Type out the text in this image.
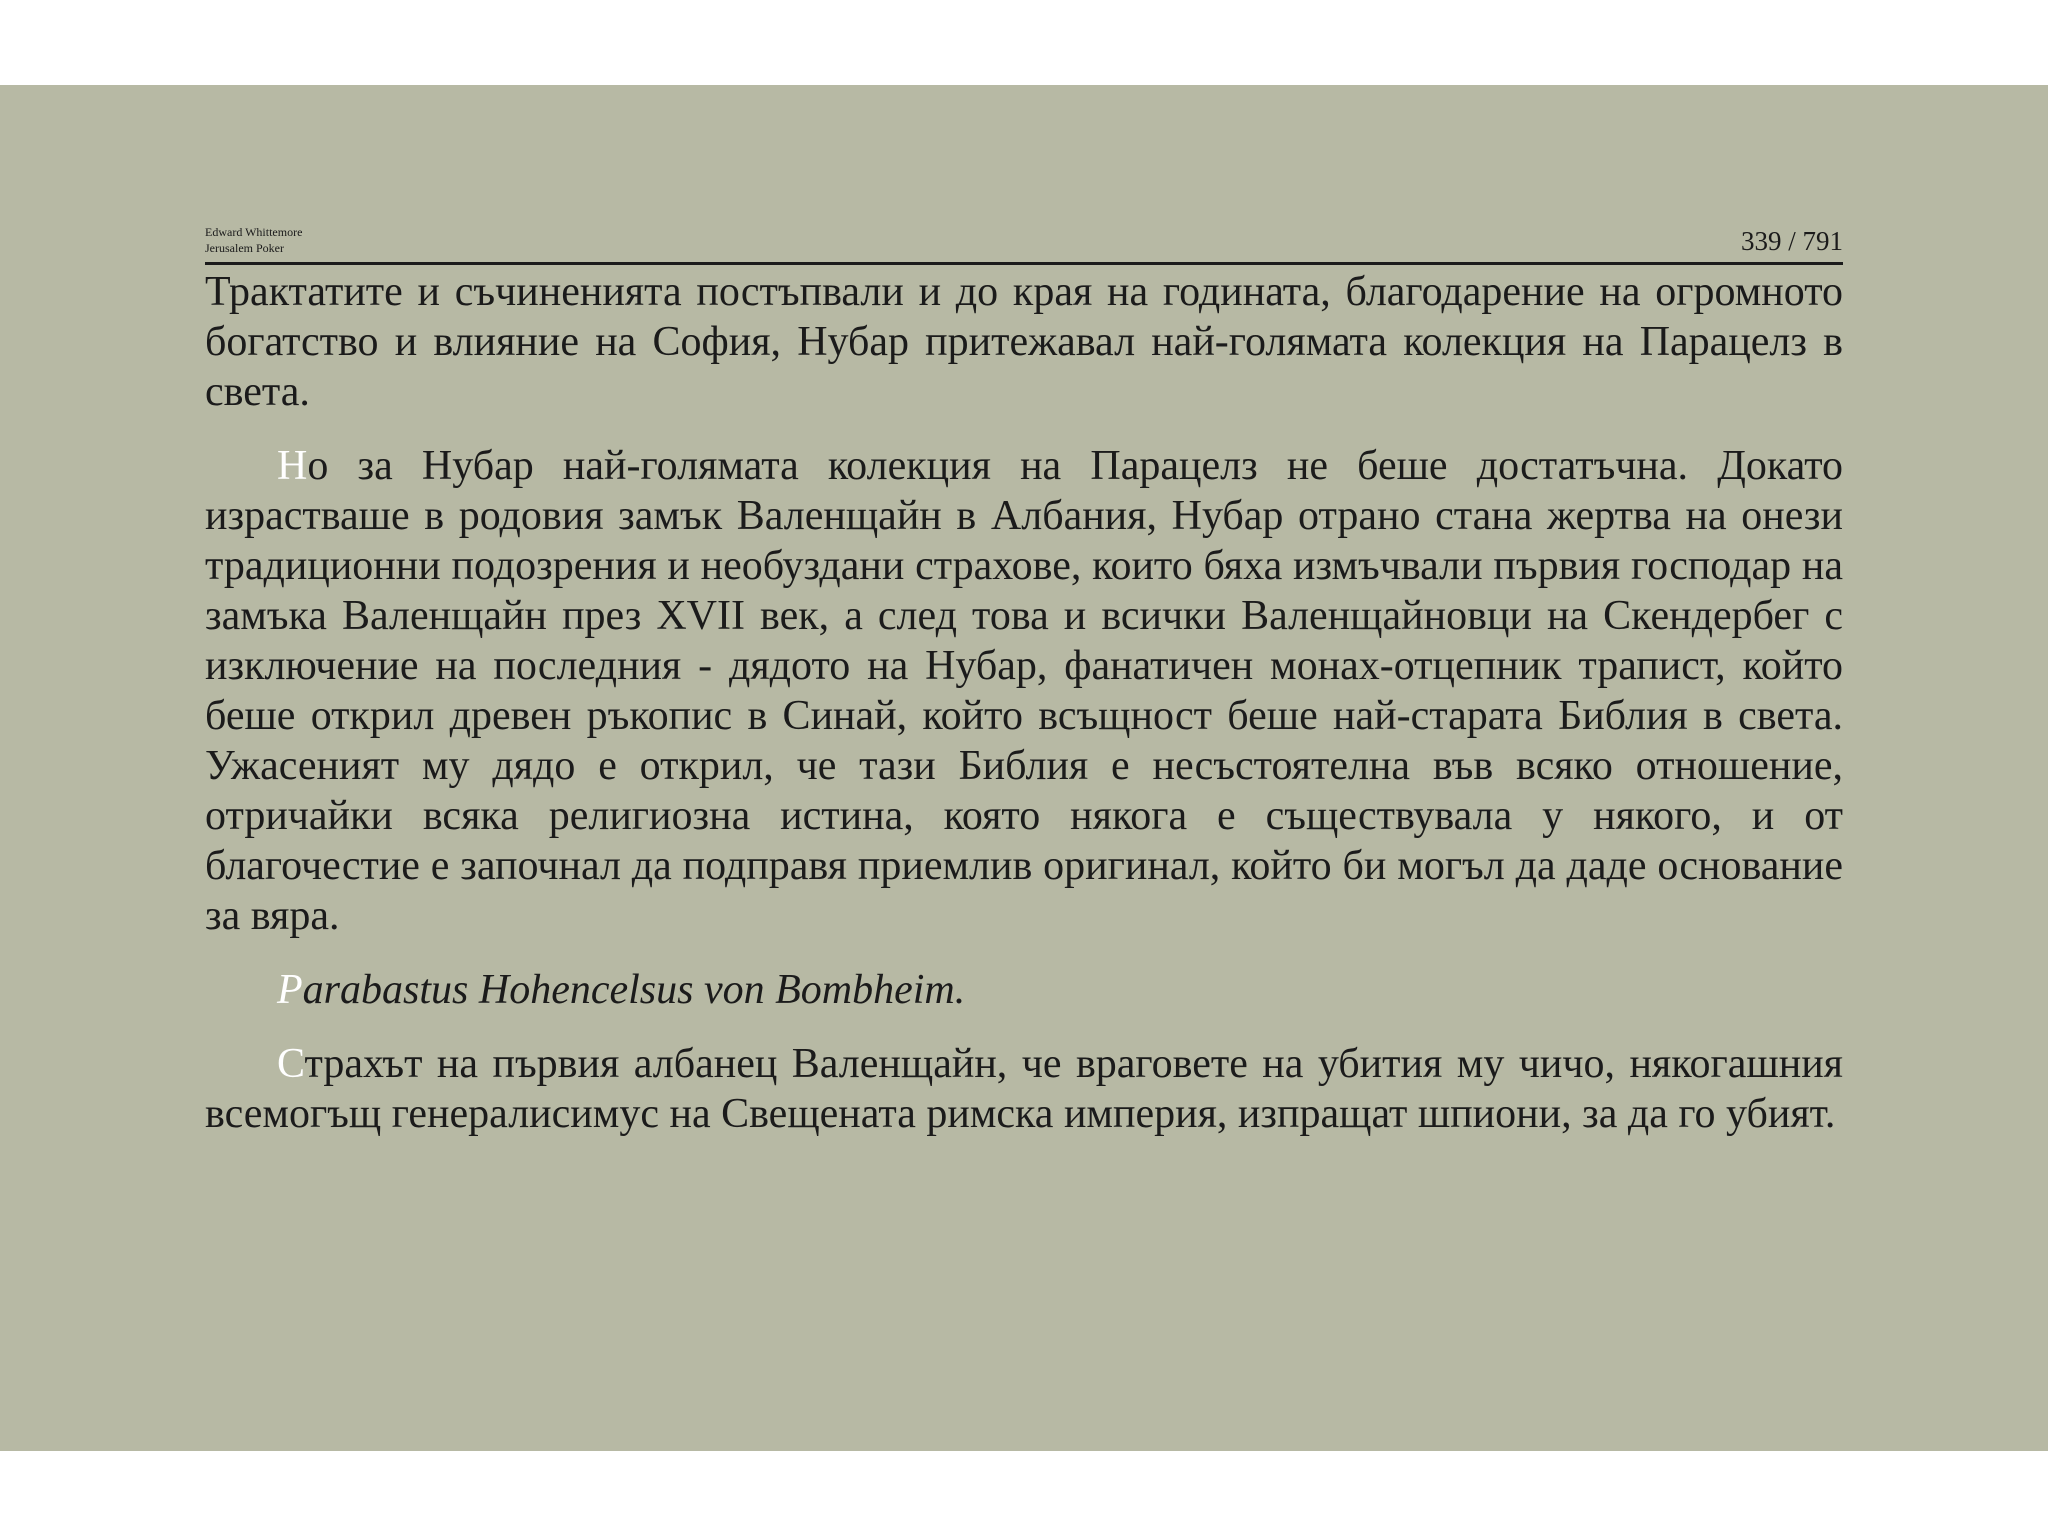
Edward Whittemore
Jerusalem Poker	339 / 791

Трактатите и съчиненията постъпвали и до края на годината, благодарение на огромното богатство и влияние на София, Нубар притежавал най-голямата колекция на Парацелз в света.

Но за Нубар най-голямата колекция на Парацелз не беше достатъчна. Докато израстваше в родовия замък Валенщайн в Албания, Нубар отрано стана жертва на онези традиционни подозрения и необуздани страхове, които бяха измъчвали първия господар на замъка Валенщайн през XVII век, а след това и всички Валенщайновци на Скендербег с изключение на последния - дядото на Нубар, фанатичен монах-отцепник трапист, който беше открил древен ръкопис в Синай, който всъщност беше най-старата Библия в света. Ужасеният му дядо е открил, че тази Библия е несъстоятелна във всяко отношение, отричайки всяка религиозна истина, която някога е съществувала у някого, и от благочестие е започнал да подправя приемлив оригинал, който би могъл да даде основание за вяра.

Parabastus Hohencelsus von Bombheim.

Страхът на първия албанец Валенщайн, че враговете на убития му чичо, някогашния всемогъщ генералисимус на Свещената римска империя, изпращат шпиони, за да го убият.
